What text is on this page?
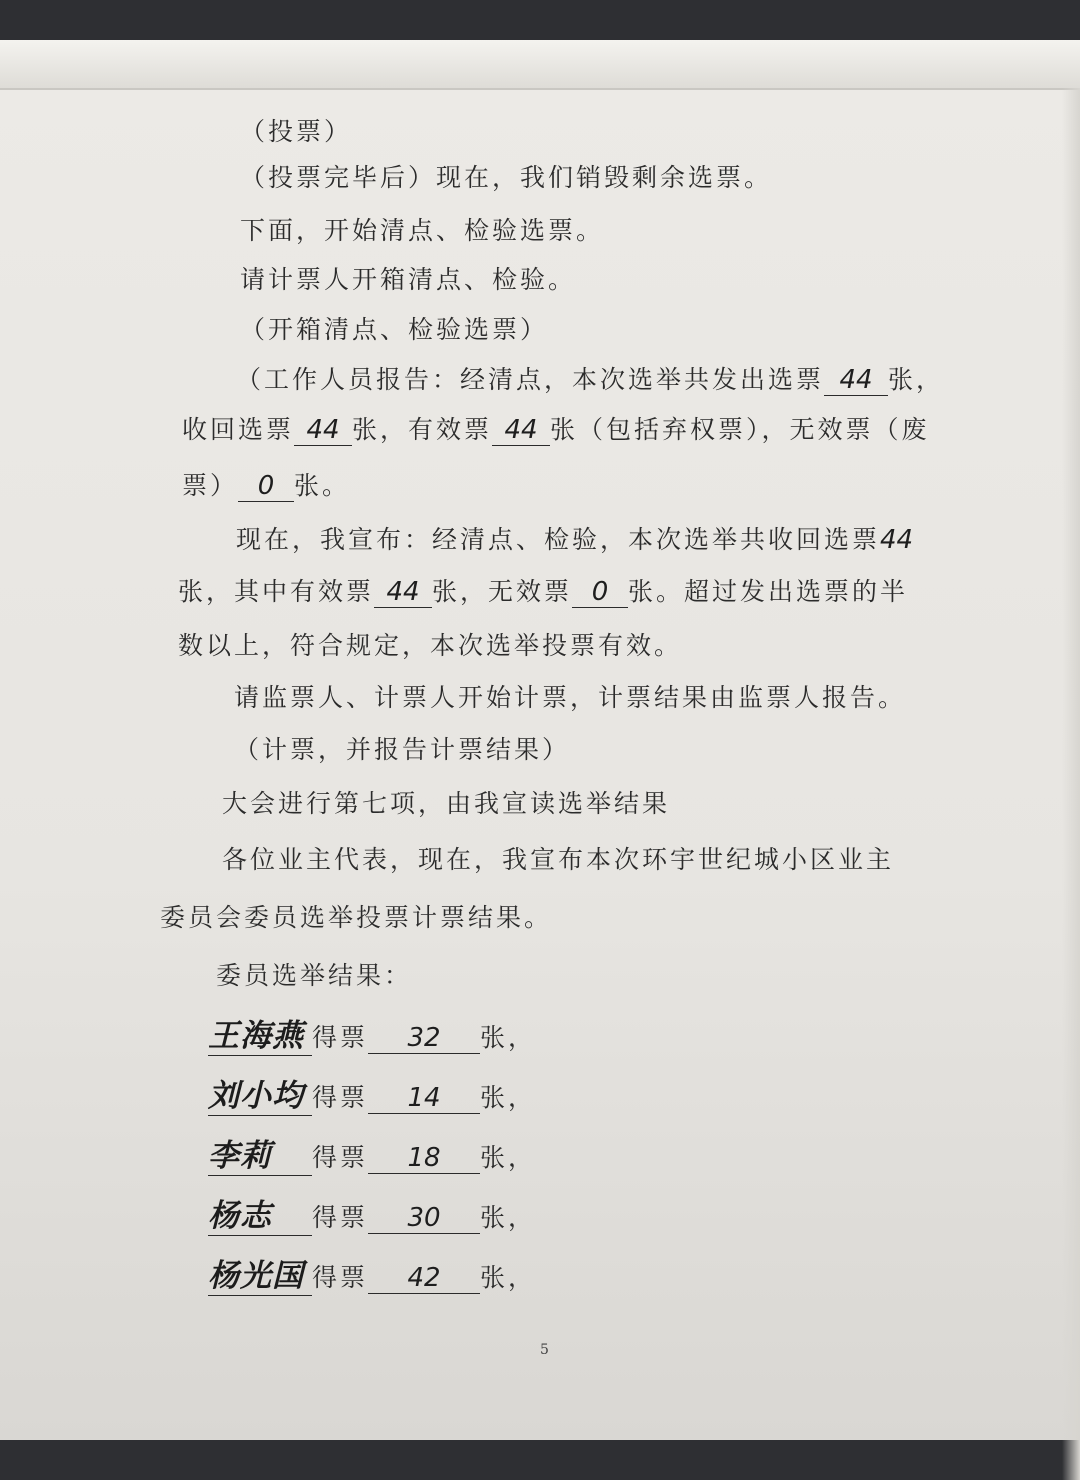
（投票）
（投票完毕后）现在，我们销毁剩余选票。
下面，开始清点、检验选票。
请计票人开箱清点、检验。
（开箱清点、检验选票）
（工作人员报告：经清点，本次选举共发出选票 44 张，
收回选票 44 张，有效票 44 张（包括弃权票），无效票（废
票） 0 张。
现在，我宣布：经清点、检验，本次选举共收回选票44
张，其中有效票 44 张，无效票 0 张。超过发出选票的半
数以上，符合规定，本次选举投票有效。
请监票人、计票人开始计票，计票结果由监票人报告。
（计票，并报告计票结果）
大会进行第七项，由我宣读选举结果
各位业主代表，现在，我宣布本次环宇世纪城小区业主
委员会委员选举投票计票结果。
委员选举结果：
王海燕 得票 32 张，
刘小均 得票 14 张，
李莉 得票 18 张，
杨志 得票 30 张，
杨光国 得票 42 张，
5
